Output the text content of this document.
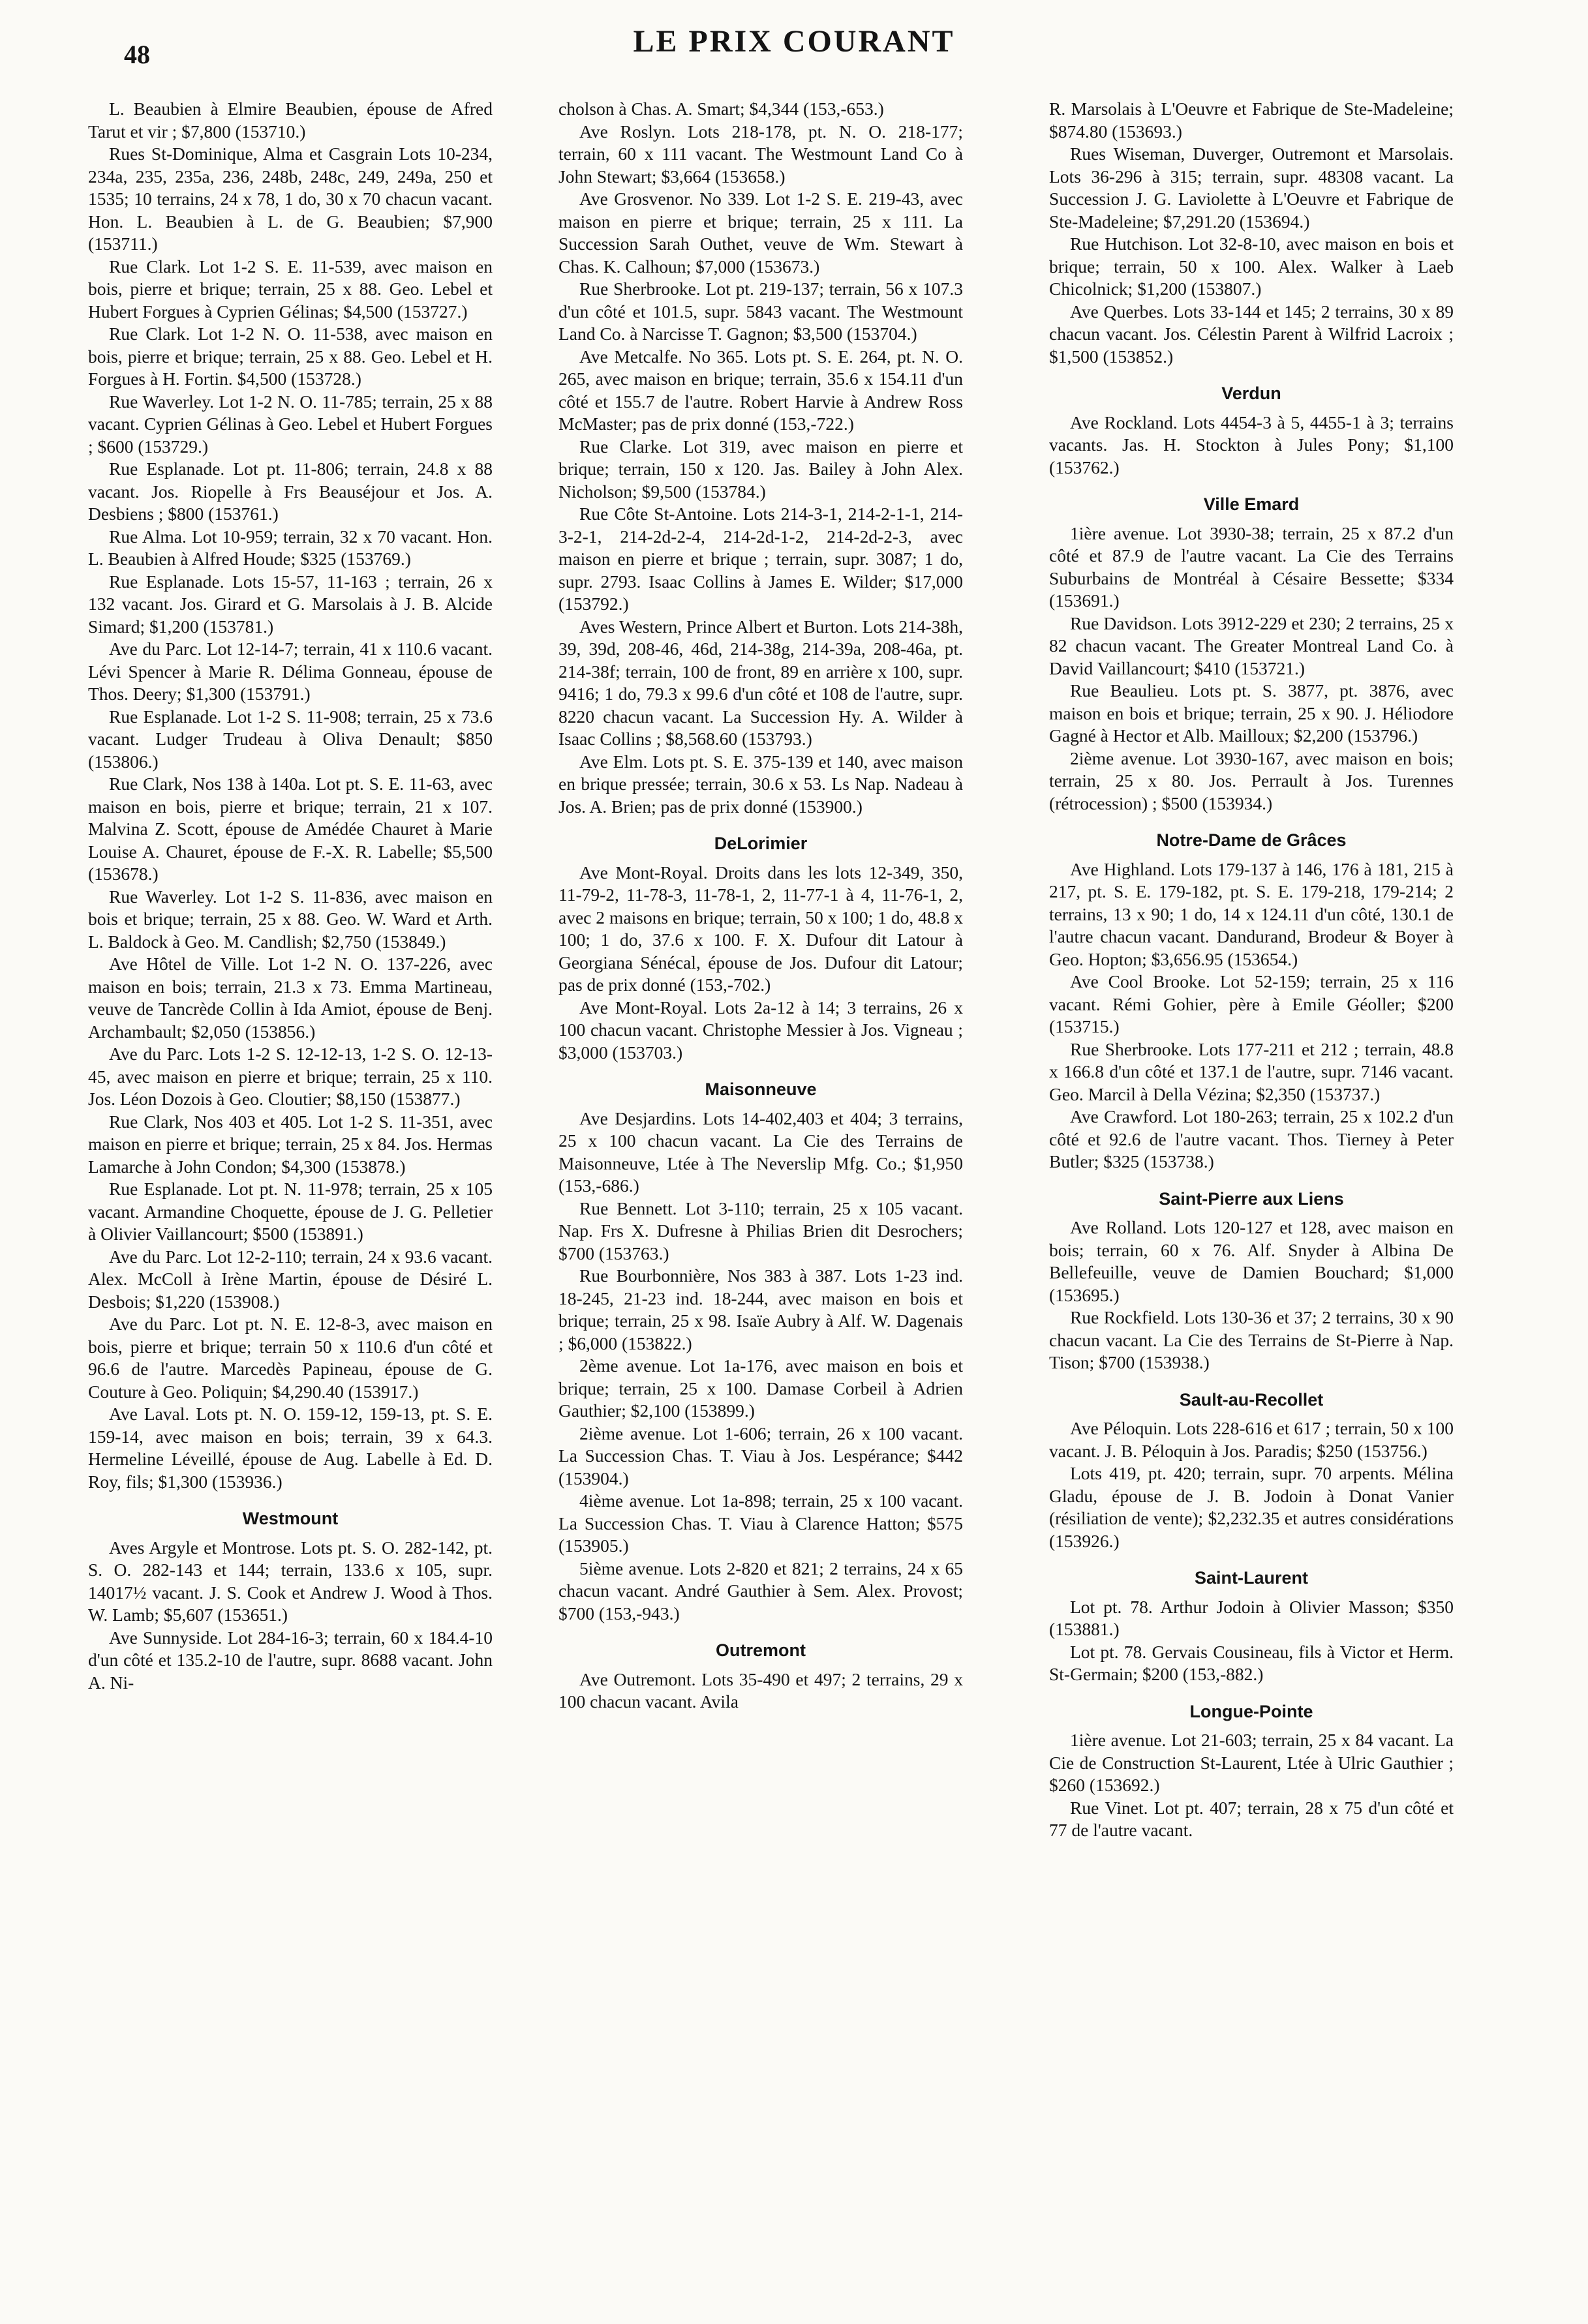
48	LE PRIX COURANT

L. Beaubien à Elmire Beaubien, épouse de Afred Tarut et vir ; $7,800 (153710.)

Rues St-Dominique, Alma et Casgrain Lots 10-234, 234a, 235, 235a, 236, 248b, 248c, 249, 249a, 250 et 1535; 10 terrains, 24 x 78, 1 do, 30 x 70 chacun vacant. Hon. L. Beaubien à L. de G. Beaubien; $7,900 (153711.)

Rue Clark. Lot 1-2 S. E. 11-539, avec maison en bois, pierre et brique; terrain, 25 x 88. Geo. Lebel et Hubert Forgues à Cyprien Gélinas; $4,500 (153727.)

Rue Clark. Lot 1-2 N. O. 11-538, avec maison en bois, pierre et brique; terrain, 25 x 88. Geo. Lebel et H. Forgues à H. Fortin. $4,500 (153728.)

Rue Waverley. Lot 1-2 N. O. 11-785; terrain, 25 x 88 vacant. Cyprien Gélinas à Geo. Lebel et Hubert Forgues ; $600 (153729.)

Rue Esplanade. Lot pt. 11-806; terrain, 24.8 x 88 vacant. Jos. Riopelle à Frs Beauséjour et Jos. A. Desbiens ; $800 (153761.)

Rue Alma. Lot 10-959; terrain, 32 x 70 vacant. Hon. L. Beaubien à Alfred Houde; $325 (153769.)

Rue Esplanade. Lots 15-57, 11-163 ; terrain, 26 x 132 vacant. Jos. Girard et G. Marsolais à J. B. Alcide Simard; $1,200 (153781.)

Ave du Parc. Lot 12-14-7; terrain, 41 x 110.6 vacant. Lévi Spencer à Marie R. Délima Gonneau, épouse de Thos. Deery; $1,300 (153791.)

Rue Esplanade. Lot 1-2 S. 11-908; terrain, 25 x 73.6 vacant. Ludger Trudeau à Oliva Denault; $850 (153806.)

Rue Clark, Nos 138 à 140a. Lot pt. S. E. 11-63, avec maison en bois, pierre et brique; terrain, 21 x 107. Malvina Z. Scott, épouse de Amédée Chauret à Marie Louise A. Chauret, épouse de F.-X. R. Labelle; $5,500 (153678.)

Rue Waverley. Lot 1-2 S. 11-836, avec maison en bois et brique; terrain, 25 x 88. Geo. W. Ward et Arth. L. Baldock à Geo. M. Candlish; $2,750 (153849.)

Ave Hôtel de Ville. Lot 1-2 N. O. 137-226, avec maison en bois; terrain, 21.3 x 73. Emma Martineau, veuve de Tancrède Collin à Ida Amiot, épouse de Benj. Archambault; $2,050 (153856.)

Ave du Parc. Lots 1-2 S. 12-12-13, 1-2 S. O. 12-13-45, avec maison en pierre et brique; terrain, 25 x 110. Jos. Léon Dozois à Geo. Cloutier; $8,150 (153877.)

Rue Clark, Nos 403 et 405. Lot 1-2 S. 11-351, avec maison en pierre et brique; terrain, 25 x 84. Jos. Hermas Lamarche à John Condon; $4,300 (153878.)

Rue Esplanade. Lot pt. N. 11-978; terrain, 25 x 105 vacant. Armandine Choquette, épouse de J. G. Pelletier à Olivier Vaillancourt; $500 (153891.)

Ave du Parc. Lot 12-2-110; terrain, 24 x 93.6 vacant. Alex. McColl à Irène Martin, épouse de Désiré L. Desbois; $1,220 (153908.)

Ave du Parc. Lot pt. N. E. 12-8-3, avec maison en bois, pierre et brique; terrain 50 x 110.6 d'un côté et 96.6 de l'autre. Marcedès Papineau, épouse de G. Couture à Geo. Poliquin; $4,290.40 (153917.)

Ave Laval. Lots pt. N. O. 159-12, 159-13, pt. S. E. 159-14, avec maison en bois; terrain, 39 x 64.3. Hermeline Léveillé, épouse de Aug. Labelle à Ed. D. Roy, fils; $1,300 (153936.)

Westmount

Aves Argyle et Montrose. Lots pt. S. O. 282-142, pt. S. O. 282-143 et 144; terrain, 133.6 x 105, supr. 14017½ vacant. J. S. Cook et Andrew J. Wood à Thos. W. Lamb; $5,607 (153651.)

Ave Sunnyside. Lot 284-16-3; terrain, 60 x 184.4-10 d'un côté et 135.2-10 de l'autre, supr. 8688 vacant. John A. Ni-

cholson à Chas. A. Smart; $4,344 (153,-653.)

Ave Roslyn. Lots 218-178, pt. N. O. 218-177; terrain, 60 x 111 vacant. The Westmount Land Co à John Stewart; $3,664 (153658.)

Ave Grosvenor. No 339. Lot 1-2 S. E. 219-43, avec maison en pierre et brique; terrain, 25 x 111. La Succession Sarah Outhet, veuve de Wm. Stewart à Chas. K. Calhoun; $7,000 (153673.)

Rue Sherbrooke. Lot pt. 219-137; terrain, 56 x 107.3 d'un côté et 101.5, supr. 5843 vacant. The Westmount Land Co. à Narcisse T. Gagnon; $3,500 (153704.)

Ave Metcalfe. No 365. Lots pt. S. E. 264, pt. N. O. 265, avec maison en brique; terrain, 35.6 x 154.11 d'un côté et 155.7 de l'autre. Robert Harvie à Andrew Ross McMaster; pas de prix donné (153,-722.)

Rue Clarke. Lot 319, avec maison en pierre et brique; terrain, 150 x 120. Jas. Bailey à John Alex. Nicholson; $9,500 (153784.)

Rue Côte St-Antoine. Lots 214-3-1, 214-2-1-1, 214-3-2-1, 214-2d-2-4, 214-2d-1-2, 214-2d-2-3, avec maison en pierre et brique ; terrain, supr. 3087; 1 do, supr. 2793. Isaac Collins à James E. Wilder; $17,000 (153792.)

Aves Western, Prince Albert et Burton. Lots 214-38h, 39, 39d, 208-46, 46d, 214-38g, 214-39a, 208-46a, pt. 214-38f; terrain, 100 de front, 89 en arrière x 100, supr. 9416; 1 do, 79.3 x 99.6 d'un côté et 108 de l'autre, supr. 8220 chacun vacant. La Succession Hy. A. Wilder à Isaac Collins ; $8,568.60 (153793.)

Ave Elm. Lots pt. S. E. 375-139 et 140, avec maison en brique pressée; terrain, 30.6 x 53. Ls Nap. Nadeau à Jos. A. Brien; pas de prix donné (153900.)

DeLorimier

Ave Mont-Royal. Droits dans les lots 12-349, 350, 11-79-2, 11-78-3, 11-78-1, 2, 11-77-1 à 4, 11-76-1, 2, avec 2 maisons en brique; terrain, 50 x 100; 1 do, 48.8 x 100; 1 do, 37.6 x 100. F. X. Dufour dit Latour à Georgiana Sénécal, épouse de Jos. Dufour dit Latour; pas de prix donné (153,-702.)

Ave Mont-Royal. Lots 2a-12 à 14; 3 terrains, 26 x 100 chacun vacant. Christophe Messier à Jos. Vigneau ; $3,000 (153703.)

Maisonneuve

Ave Desjardins. Lots 14-402,403 et 404; 3 terrains, 25 x 100 chacun vacant. La Cie des Terrains de Maisonneuve, Ltée à The Neverslip Mfg. Co.; $1,950 (153,-686.)

Rue Bennett. Lot 3-110; terrain, 25 x 105 vacant. Nap. Frs X. Dufresne à Philias Brien dit Desrochers; $700 (153763.)

Rue Bourbonnière, Nos 383 à 387. Lots 1-23 ind. 18-245, 21-23 ind. 18-244, avec maison en bois et brique; terrain, 25 x 98. Isaïe Aubry à Alf. W. Dagenais ; $6,000 (153822.)

2ème avenue. Lot 1a-176, avec maison en bois et brique; terrain, 25 x 100. Damase Corbeil à Adrien Gauthier; $2,100 (153899.)

2ième avenue. Lot 1-606; terrain, 26 x 100 vacant. La Succession Chas. T. Viau à Jos. Lespérance; $442 (153904.)

4ième avenue. Lot 1a-898; terrain, 25 x 100 vacant. La Succession Chas. T. Viau à Clarence Hatton; $575 (153905.)

5ième avenue. Lots 2-820 et 821; 2 terrains, 24 x 65 chacun vacant. André Gauthier à Sem. Alex. Provost; $700 (153,-943.)

Outremont

Ave Outremont. Lots 35-490 et 497; 2 terrains, 29 x 100 chacun vacant. Avila

R. Marsolais à L'Oeuvre et Fabrique de Ste-Madeleine; $874.80 (153693.)

Rues Wiseman, Duverger, Outremont et Marsolais. Lots 36-296 à 315; terrain, supr. 48308 vacant. La Succession J. G. Laviolette à L'Oeuvre et Fabrique de Ste-Madeleine; $7,291.20 (153694.)

Rue Hutchison. Lot 32-8-10, avec maison en bois et brique; terrain, 50 x 100. Alex. Walker à Laeb Chicolnick; $1,200 (153807.)

Ave Querbes. Lots 33-144 et 145; 2 terrains, 30 x 89 chacun vacant. Jos. Célestin Parent à Wilfrid Lacroix ; $1,500 (153852.)

Verdun

Ave Rockland. Lots 4454-3 à 5, 4455-1 à 3; terrains vacants. Jas. H. Stockton à Jules Pony; $1,100 (153762.)

Ville Emard

1ière avenue. Lot 3930-38; terrain, 25 x 87.2 d'un côté et 87.9 de l'autre vacant. La Cie des Terrains Suburbains de Montréal à Césaire Bessette; $334 (153691.)

Rue Davidson. Lots 3912-229 et 230; 2 terrains, 25 x 82 chacun vacant. The Greater Montreal Land Co. à David Vaillancourt; $410 (153721.)

Rue Beaulieu. Lots pt. S. 3877, pt. 3876, avec maison en bois et brique; terrain, 25 x 90. J. Héliodore Gagné à Hector et Alb. Mailloux; $2,200 (153796.)

2ième avenue. Lot 3930-167, avec maison en bois; terrain, 25 x 80. Jos. Perrault à Jos. Turennes (rétrocession) ; $500 (153934.)

Notre-Dame de Grâces

Ave Highland. Lots 179-137 à 146, 176 à 181, 215 à 217, pt. S. E. 179-182, pt. S. E. 179-218, 179-214; 2 terrains, 13 x 90; 1 do, 14 x 124.11 d'un côté, 130.1 de l'autre chacun vacant. Dandurand, Brodeur & Boyer à Geo. Hopton; $3,656.95 (153654.)

Ave Cool Brooke. Lot 52-159; terrain, 25 x 116 vacant. Rémi Gohier, père à Emile Géoller; $200 (153715.)

Rue Sherbrooke. Lots 177-211 et 212 ; terrain, 48.8 x 166.8 d'un côté et 137.1 de l'autre, supr. 7146 vacant. Geo. Marcil à Della Vézina; $2,350 (153737.)

Ave Crawford. Lot 180-263; terrain, 25 x 102.2 d'un côté et 92.6 de l'autre vacant. Thos. Tierney à Peter Butler; $325 (153738.)

Saint-Pierre aux Liens

Ave Rolland. Lots 120-127 et 128, avec maison en bois; terrain, 60 x 76. Alf. Snyder à Albina De Bellefeuille, veuve de Damien Bouchard; $1,000 (153695.)

Rue Rockfield. Lots 130-36 et 37; 2 terrains, 30 x 90 chacun vacant. La Cie des Terrains de St-Pierre à Nap. Tison; $700 (153938.)

Sault-au-Recollet

Ave Péloquin. Lots 228-616 et 617 ; terrain, 50 x 100 vacant. J. B. Péloquin à Jos. Paradis; $250 (153756.)

Lots 419, pt. 420; terrain, supr. 70 arpents. Mélina Gladu, épouse de J. B. Jodoin à Donat Vanier (résiliation de vente); $2,232.35 et autres considérations (153926.)

Saint-Laurent

Lot pt. 78. Arthur Jodoin à Olivier Masson; $350 (153881.)

Lot pt. 78. Gervais Cousineau, fils à Victor et Herm. St-Germain; $200 (153,-882.)

Longue-Pointe

1ière avenue. Lot 21-603; terrain, 25 x 84 vacant. La Cie de Construction St-Laurent, Ltée à Ulric Gauthier ; $260 (153692.)

Rue Vinet. Lot pt. 407; terrain, 28 x 75 d'un côté et 77 de l'autre vacant.
